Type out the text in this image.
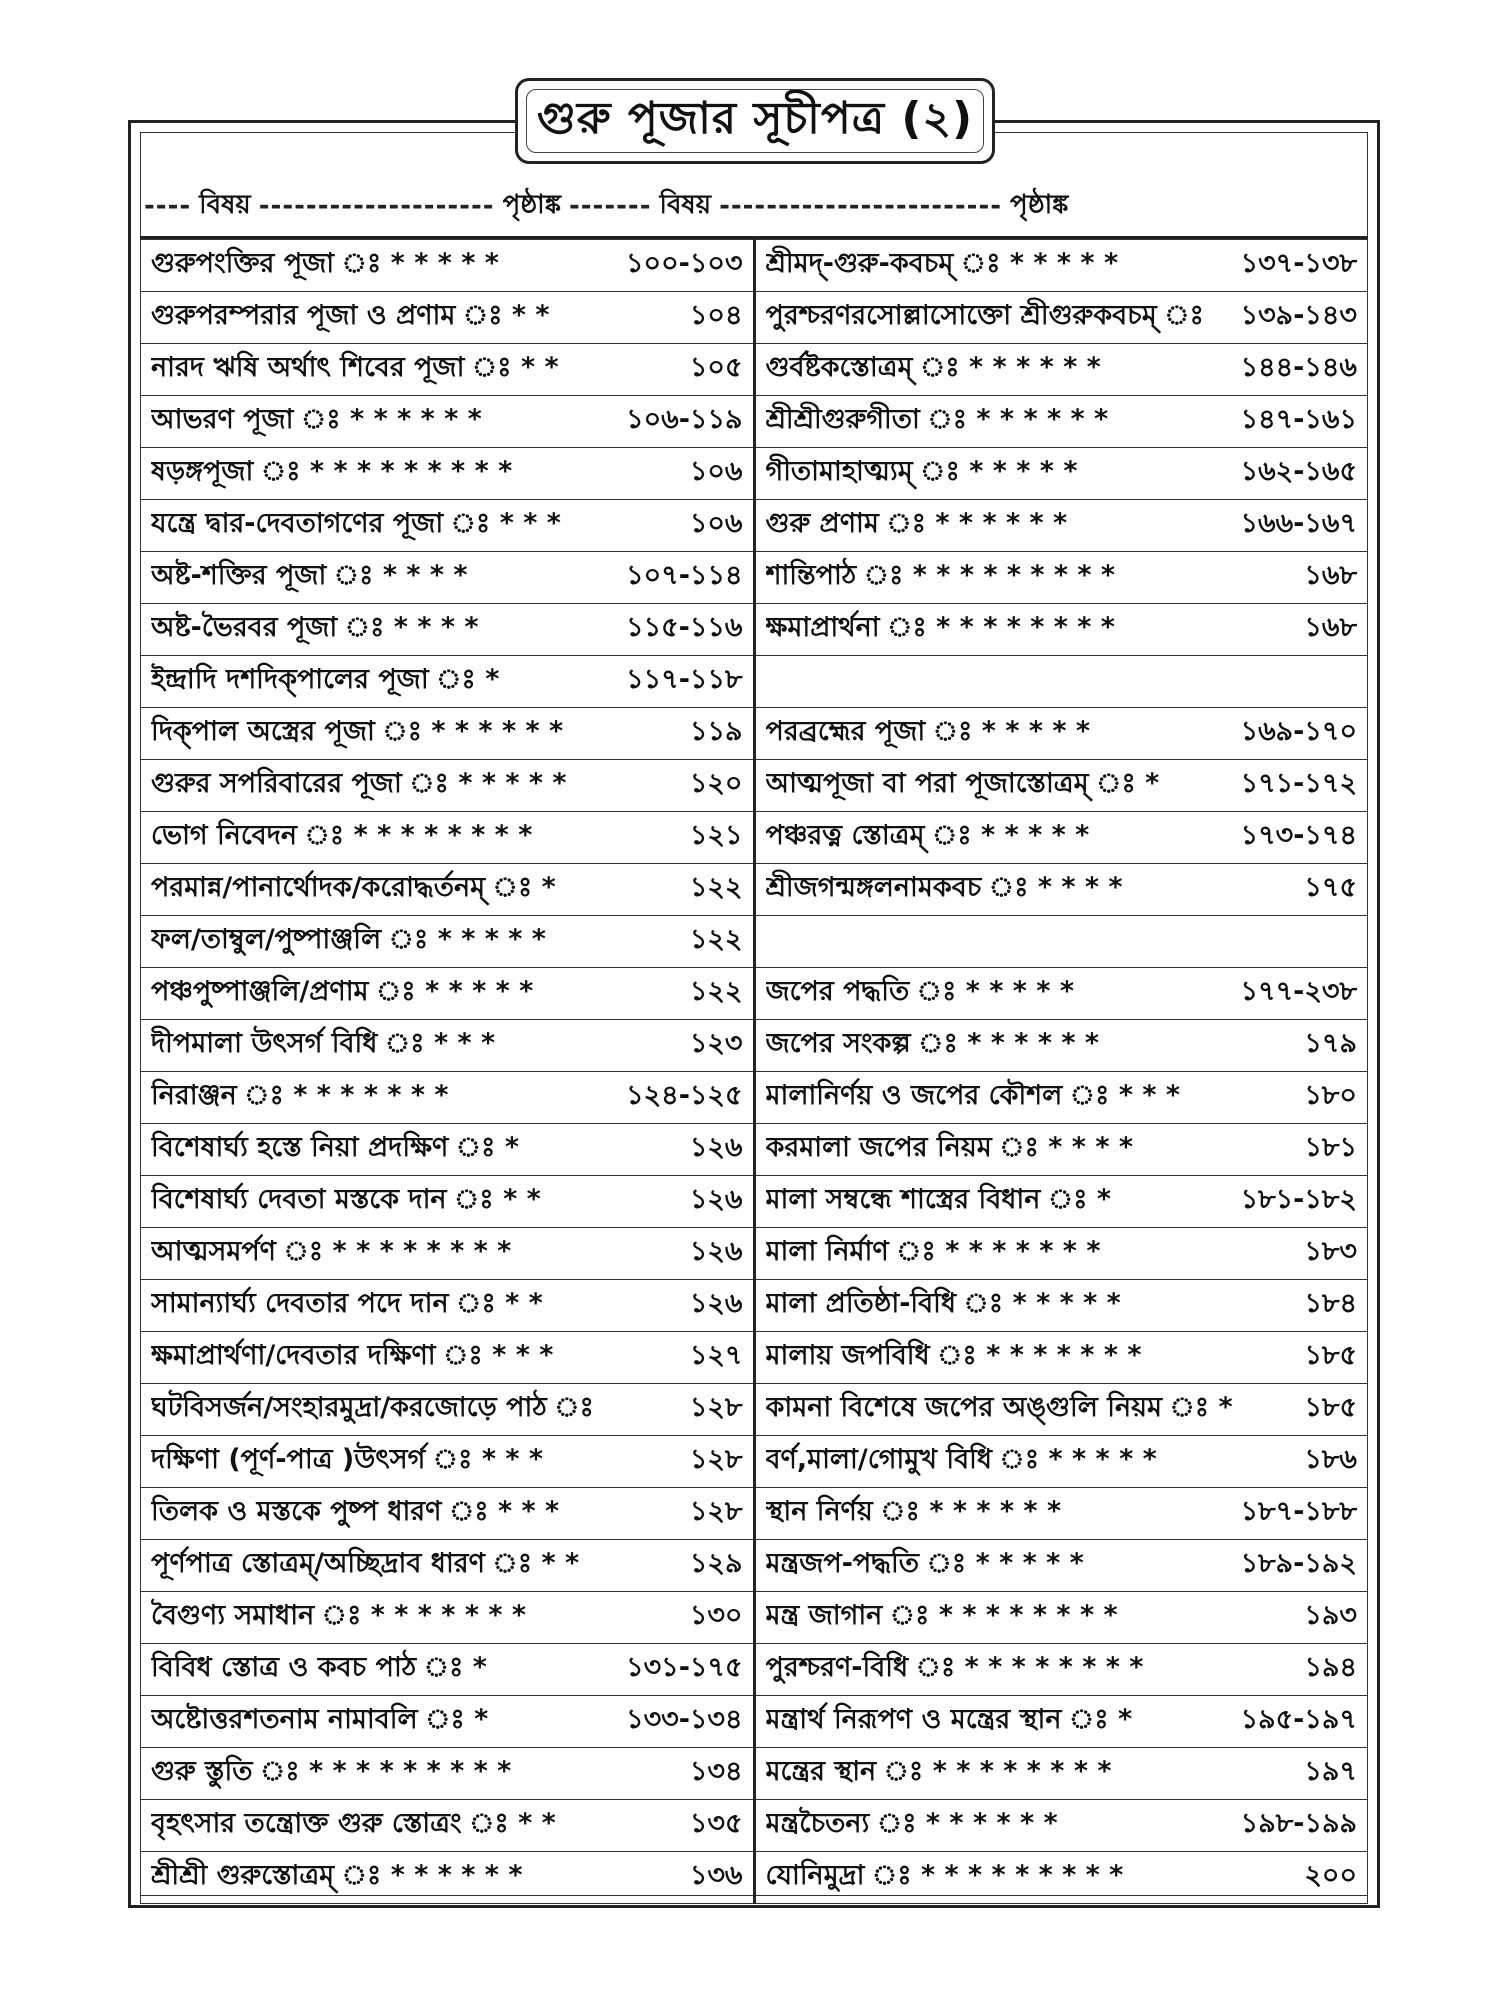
গুরু পূজার সূচীপত্র (২)
---- বিষয় -------------------- পৃষ্ঠাঙ্ক ------- বিষয় ------------------------ পৃষ্ঠাঙ্ক
গুরুপংক্তির পূজা ঃ * * * * * ১০০-১০৩	শ্রীমদ্-গুরু-কবচম্ ঃ * * * * * ১৩৭-১৩৮

গুরুপরম্পরার পূজা ও প্রণাম ঃ * * ১০৪	পুরশ্চরণরসোল্লাসোক্তো শ্রীগুরুকবচম্ ঃ ১৩৯-১৪৩

নারদ ঋষি অর্থাৎ শিবের পূজা ঃ * * ১০৫	গুর্বষ্টকস্তোত্রম্ ঃ * * * * * * ১৪৪-১৪৬

আভরণ পূজা ঃ * * * * * * ১০৬-১১৯	শ্রীশ্রীগুরুগীতা ঃ * * * * * * ১৪৭-১৬১

ষড়ঙ্গপূজা ঃ * * * * * * * * * ১০৬	গীতামাহাত্ম্যম্ ঃ * * * * * ১৬২-১৬৫

যন্ত্রে দ্বার-দেবতাগণের পূজা ঃ * * * ১০৬	গুরু প্রণাম ঃ * * * * * * ১৬৬-১৬৭

অষ্ট-শক্তির পূজা ঃ * * * * ১০৭-১১৪	শান্তিপাঠ ঃ * * * * * * * * * ১৬৮

অষ্ট-ভৈরবর পূজা ঃ * * * * ১১৫-১১৬	ক্ষমাপ্রার্থনা ঃ * * * * * * * * ১৬৮

ইন্দ্রাদি দশদিক্পালের পূজা ঃ * ১১৭-১১৮	

দিক্পাল অস্ত্রের পূজা ঃ * * * * * * ১১৯	পরব্রহ্মের পূজা ঃ * * * * * ১৬৯-১৭০

গুরুর সপরিবারের পূজা ঃ * * * * * ১২০	আত্মপূজা বা পরা পূজাস্তোত্রম্ ঃ * ১৭১-১৭২

ভোগ নিবেদন ঃ * * * * * * * * ১২১	পঞ্চরত্ন স্তোত্রম্ ঃ * * * * * ১৭৩-১৭৪

পরমান্ন/পানার্থোদক/করোদ্ধর্তনম্ ঃ * ১২২	শ্রীজগন্মঙ্গলনামকবচ ঃ * * * * ১৭৫

ফল/তাম্বুল/পুষ্পাঞ্জলি ঃ * * * * * ১২২	

পঞ্চপুষ্পাঞ্জলি/প্রণাম ঃ * * * * * ১২২	জপের পদ্ধতি ঃ * * * * * ১৭৭-২৩৮

দীপমালা উৎসর্গ বিধি ঃ * * * ১২৩	জপের সংকল্প ঃ * * * * * * ১৭৯

নিরাঞ্জন ঃ * * * * * * * ১২৪-১২৫	মালানির্ণয় ও জপের কৌশল ঃ * * * ১৮০

বিশেষার্ঘ্য হস্তে নিয়া প্রদক্ষিণ ঃ * ১২৬	করমালা জপের নিয়ম ঃ * * * * ১৮১

বিশেষার্ঘ্য দেবতা মস্তকে দান ঃ * * ১২৬	মালা সম্বন্ধে শাস্ত্রের বিধান ঃ * ১৮১-১৮২

আত্মসমর্পণ ঃ * * * * * * * * ১২৬	মালা নির্মাণ ঃ * * * * * * * ১৮৩

সামান্যার্ঘ্য দেবতার পদে দান ঃ * * ১২৬	মালা প্রতিষ্ঠা-বিধি ঃ * * * * * ১৮৪

ক্ষমাপ্রার্থণা/দেবতার দক্ষিণা ঃ * * * ১২৭	মালায় জপবিধি ঃ * * * * * * * ১৮৫

ঘটবিসর্জন/সংহারমুদ্রা/করজোড়ে পাঠ ঃ ১২৮	কামনা বিশেষে জপের অঙ্গুলি নিয়ম ঃ * ১৮৫

দক্ষিণা (পূর্ণ-পাত্র )উৎসর্গ ঃ * * * ১২৮	বর্ণ,মালা/গোমুখ বিধি ঃ * * * * * ১৮৬

তিলক ও মস্তকে পুষ্প ধারণ ঃ * * * ১২৮	স্থান নির্ণয় ঃ * * * * * * ১৮৭-১৮৮

পূর্ণপাত্র স্তোত্রম্/অচ্ছিদ্রাব ধারণ ঃ * * ১২৯	মন্ত্রজপ-পদ্ধতি ঃ * * * * * ১৮৯-১৯২

বৈগুণ্য সমাধান ঃ * * * * * * * ১৩০	মন্ত্র জাগান ঃ * * * * * * * * ১৯৩

বিবিধ স্তোত্র ও কবচ পাঠ ঃ * ১৩১-১৭৫	পুরশ্চরণ-বিধি ঃ * * * * * * * * ১৯৪

অষ্টোত্তরশতনাম নামাবলি ঃ * ১৩৩-১৩৪	মন্ত্রার্থ নিরূপণ ও মন্ত্রের স্থান ঃ * ১৯৫-১৯৭

গুরু স্তুতি ঃ * * * * * * * * * ১৩৪	মন্ত্রের স্থান ঃ * * * * * * * * ১৯৭

বৃহৎসার তন্ত্রোক্ত গুরু স্তোত্রং ঃ * * ১৩৫	মন্ত্রচৈতন্য ঃ * * * * * * ১৯৮-১৯৯

শ্রীশ্রী গুরুস্তোত্রম্ ঃ * * * * * * ১৩৬	যোনিমুদ্রা ঃ * * * * * * * * * ২০০
